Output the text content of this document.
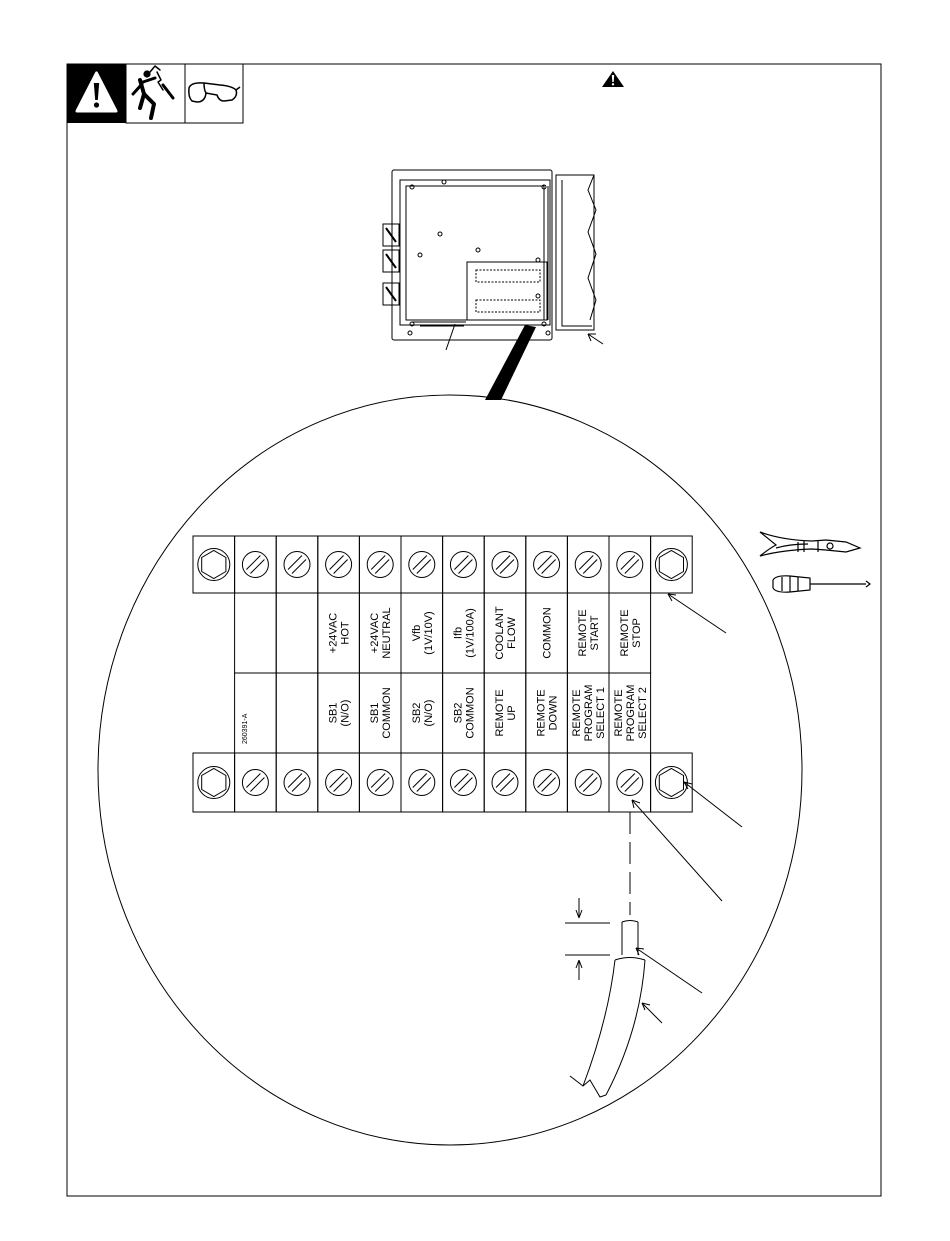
+24VAC HOT +24VAC NEUTRAL Vfb (1V/10V) Ifb (1V/100A) COOLANT FLOW COMMON REMOTE START REMOTE STOP
SB1 (N/O) SB1 COMMON SB2 (N/O) SB2 COMMON REMOTE UP REMOTE DOWN REMOTE PROGRAM SELECT 1 REMOTE PROGRAM SELECT 2
260391-A
